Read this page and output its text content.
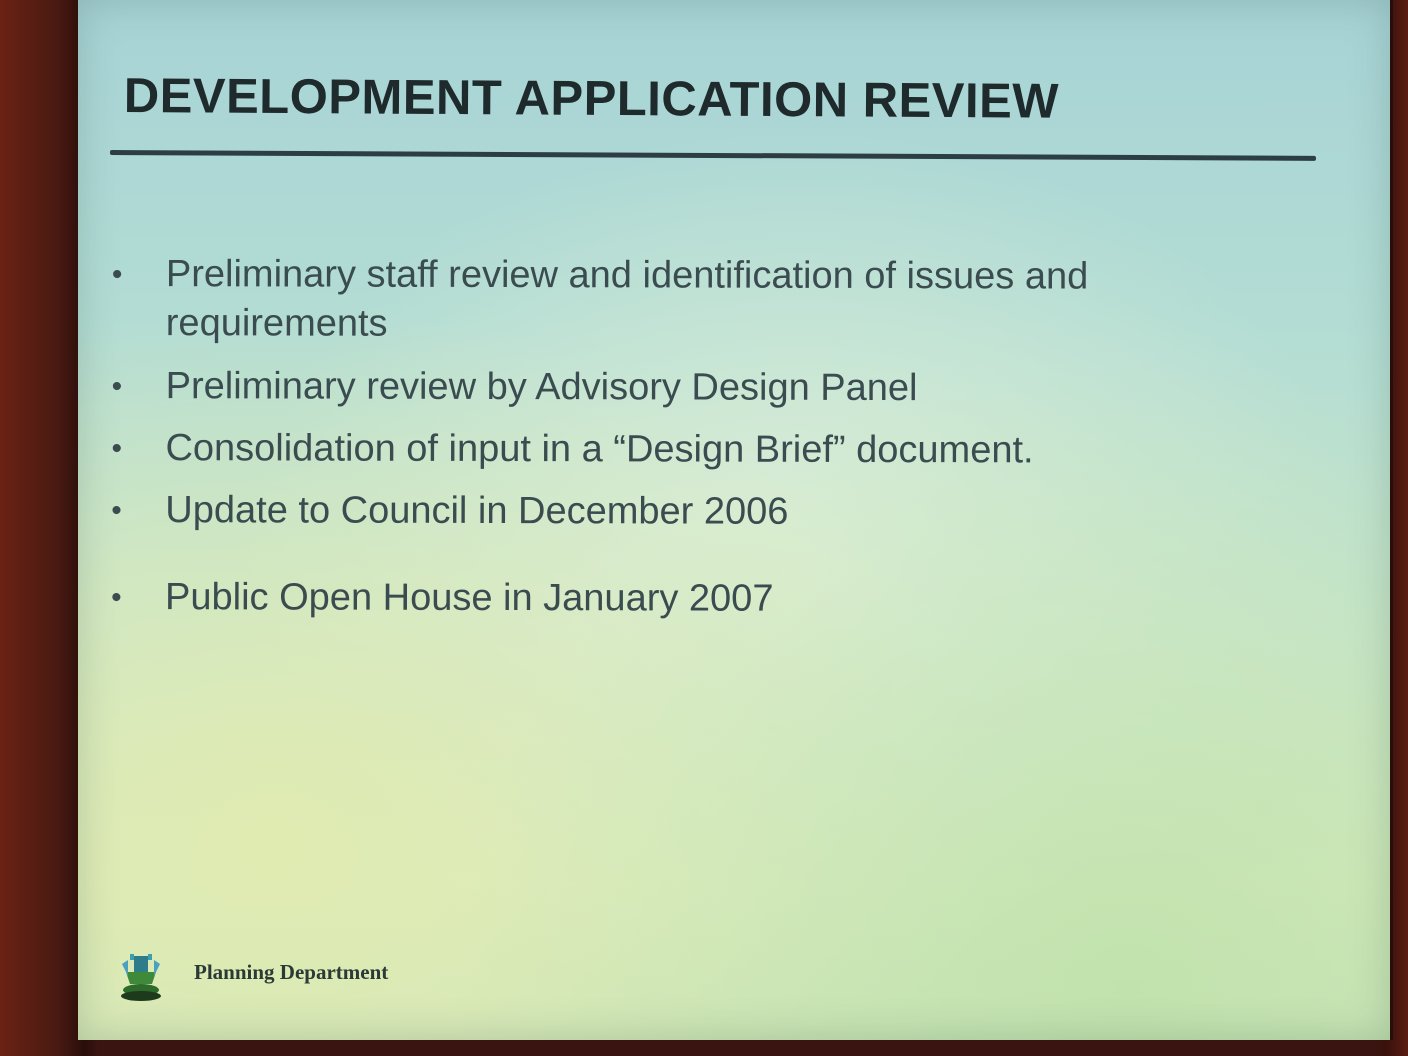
DEVELOPMENT APPLICATION REVIEW
• Preliminary staff review and identification of issues and requirements
• Preliminary review by Advisory Design Panel
• Consolidation of input in a “Design Brief” document.
• Update to Council in December 2006
• Public Open House in January 2007
Planning Department
